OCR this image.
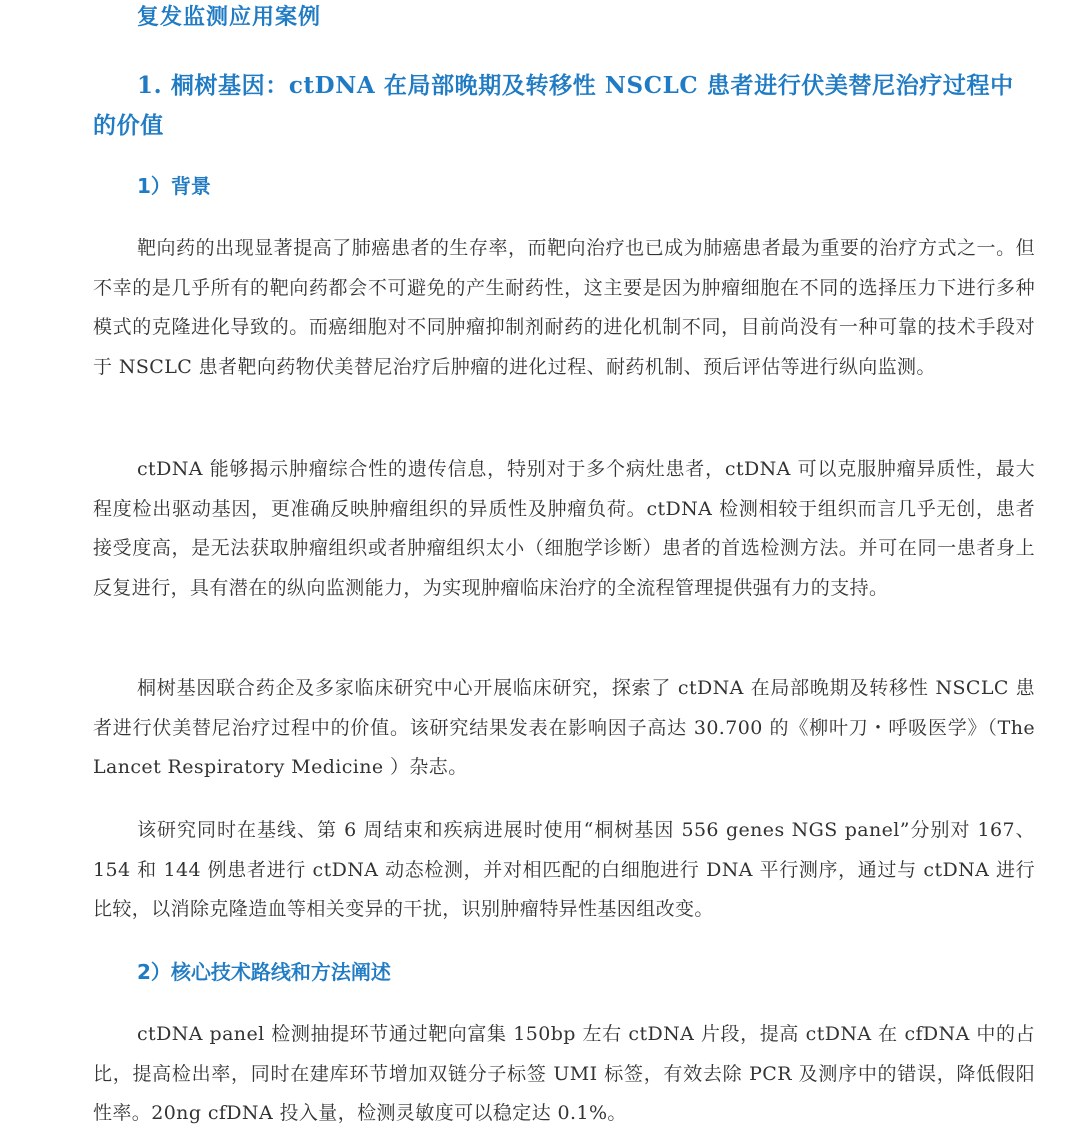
复发监测应用案例
1. 桐树基因：ctDNA 在局部晚期及转移性 NSCLC 患者进行伏美替尼治疗过程中的价值
1）背景

靶向药的出现显著提高了肺癌患者的生存率，而靶向治疗也已成为肺癌患者最为重要的治疗方式之一。但不幸的是几乎所有的靶向药都会不可避免的产生耐药性，这主要是因为肿瘤细胞在不同的选择压力下进行多种模式的克隆进化导致的。而癌细胞对不同肿瘤抑制剂耐药的进化机制不同，目前尚没有一种可靠的技术手段对于 NSCLC 患者靶向药物伏美替尼治疗后肿瘤的进化过程、耐药机制、预后评估等进行纵向监测。

ctDNA 能够揭示肿瘤综合性的遗传信息，特别对于多个病灶患者，ctDNA 可以克服肿瘤异质性，最大程度检出驱动基因，更准确反映肿瘤组织的异质性及肿瘤负荷。ctDNA 检测相较于组织而言几乎无创，患者接受度高，是无法获取肿瘤组织或者肿瘤组织太小（细胞学诊断）患者的首选检测方法。并可在同一患者身上反复进行，具有潜在的纵向监测能力，为实现肿瘤临床治疗的全流程管理提供强有力的支持。

桐树基因联合药企及多家临床研究中心开展临床研究，探索了 ctDNA 在局部晚期及转移性 NSCLC 患者进行伏美替尼治疗过程中的价值。该研究结果发表在影响因子高达 30.700 的《柳叶刀・呼吸医学》（The Lancet Respiratory Medicine ）杂志。

该研究同时在基线、第 6 周结束和疾病进展时使用“桐树基因 556 genes NGS panel”分别对 167、154 和 144 例患者进行 ctDNA 动态检测，并对相匹配的白细胞进行 DNA 平行测序，通过与 ctDNA 进行比较，以消除克隆造血等相关变异的干扰，识别肿瘤特异性基因组改变。

2）核心技术路线和方法阐述

ctDNA panel 检测抽提环节通过靶向富集 150bp 左右 ctDNA 片段，提高 ctDNA 在 cfDNA 中的占比，提高检出率，同时在建库环节增加双链分子标签 UMI 标签，有效去除 PCR 及测序中的错误，降低假阳性率。20ng cfDNA 投入量，检测灵敏度可以稳定达 0.1%。
